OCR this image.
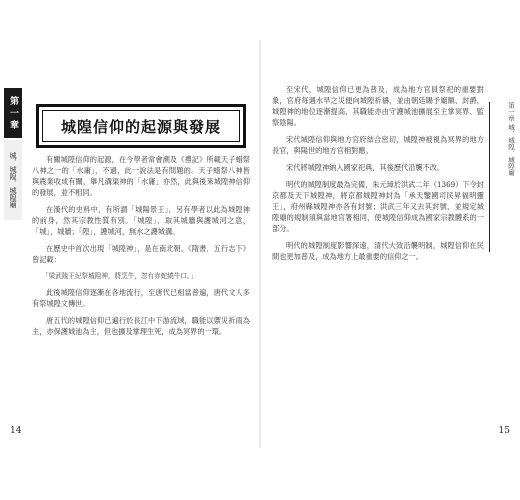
第 一 章
城．城隍．城隍廟
城隍信仰的起源與發展

有關城隍信仰的起源，在今學者常會溯及《禮記》所載天子蜡祭八神之一的「水庸」，不過，此一說法是有問題的。天子蜡祭八神皆與農業收成有關，舉凡溝渠神的「水庸」亦然，此與後來城隍神信仰的發展，並不相同。

在漢代的史料中，有所謂「城陽景王」，另有學者以此為城隍神的前身，然其宗教性質有別。「城隍」，取其城牆與護城河之意，「城」，城牆；「隍」，護城河，無水之護城溝。

在歷史中首次出現「城隍神」，是在南北朝。《隋書．五行志下》曾記載：

「梁武陵王紀祭城隍神，將烹牛，忽有赤蛇繞牛口。」

此後城隍信仰逐漸在各地流行，至唐代已相當普遍，唐代文人多有祭城隍文傳世。

唐五代的城隍信仰已遍行於長江中下游流域，職能以禦災祈雨為主，亦保護城池為主，但也擴及掌理生死，成為冥界的一環。

14
第一章 城．城隍．城隍廟

至宋代，城隍信仰已更為普及，成為地方官員祭祀的重要對象，官府每遇水旱之災便向城隍祈禱，並由朝廷賜予廟額、封爵，城隍神的地位逐漸提高，其職能亦由守護城池擴展至主掌冥界、監察陰陽。

宋代城隍信仰與地方官府結合密切，城隍神被視為冥界的地方長官，與陽世的地方官相對應。

宋代將城隍神納入國家祀典，其後歷代沿襲不改。

明代的城隍制度最為完備，朱元璋於洪武二年（1369）下令封京都及天下城隍神，將京都城隍神封為「承天鑒國司民昇福明靈王」，府州縣城隍神亦各有封號；洪武三年又去其封號，並規定城隍廟的規制須與當地官署相同，使城隍信仰成為國家宗教體系的一部分。

明代的城隍制度影響深遠，清代大致沿襲明制，城隍信仰在民間也更加普及，成為地方上最重要的信仰之一。

15
